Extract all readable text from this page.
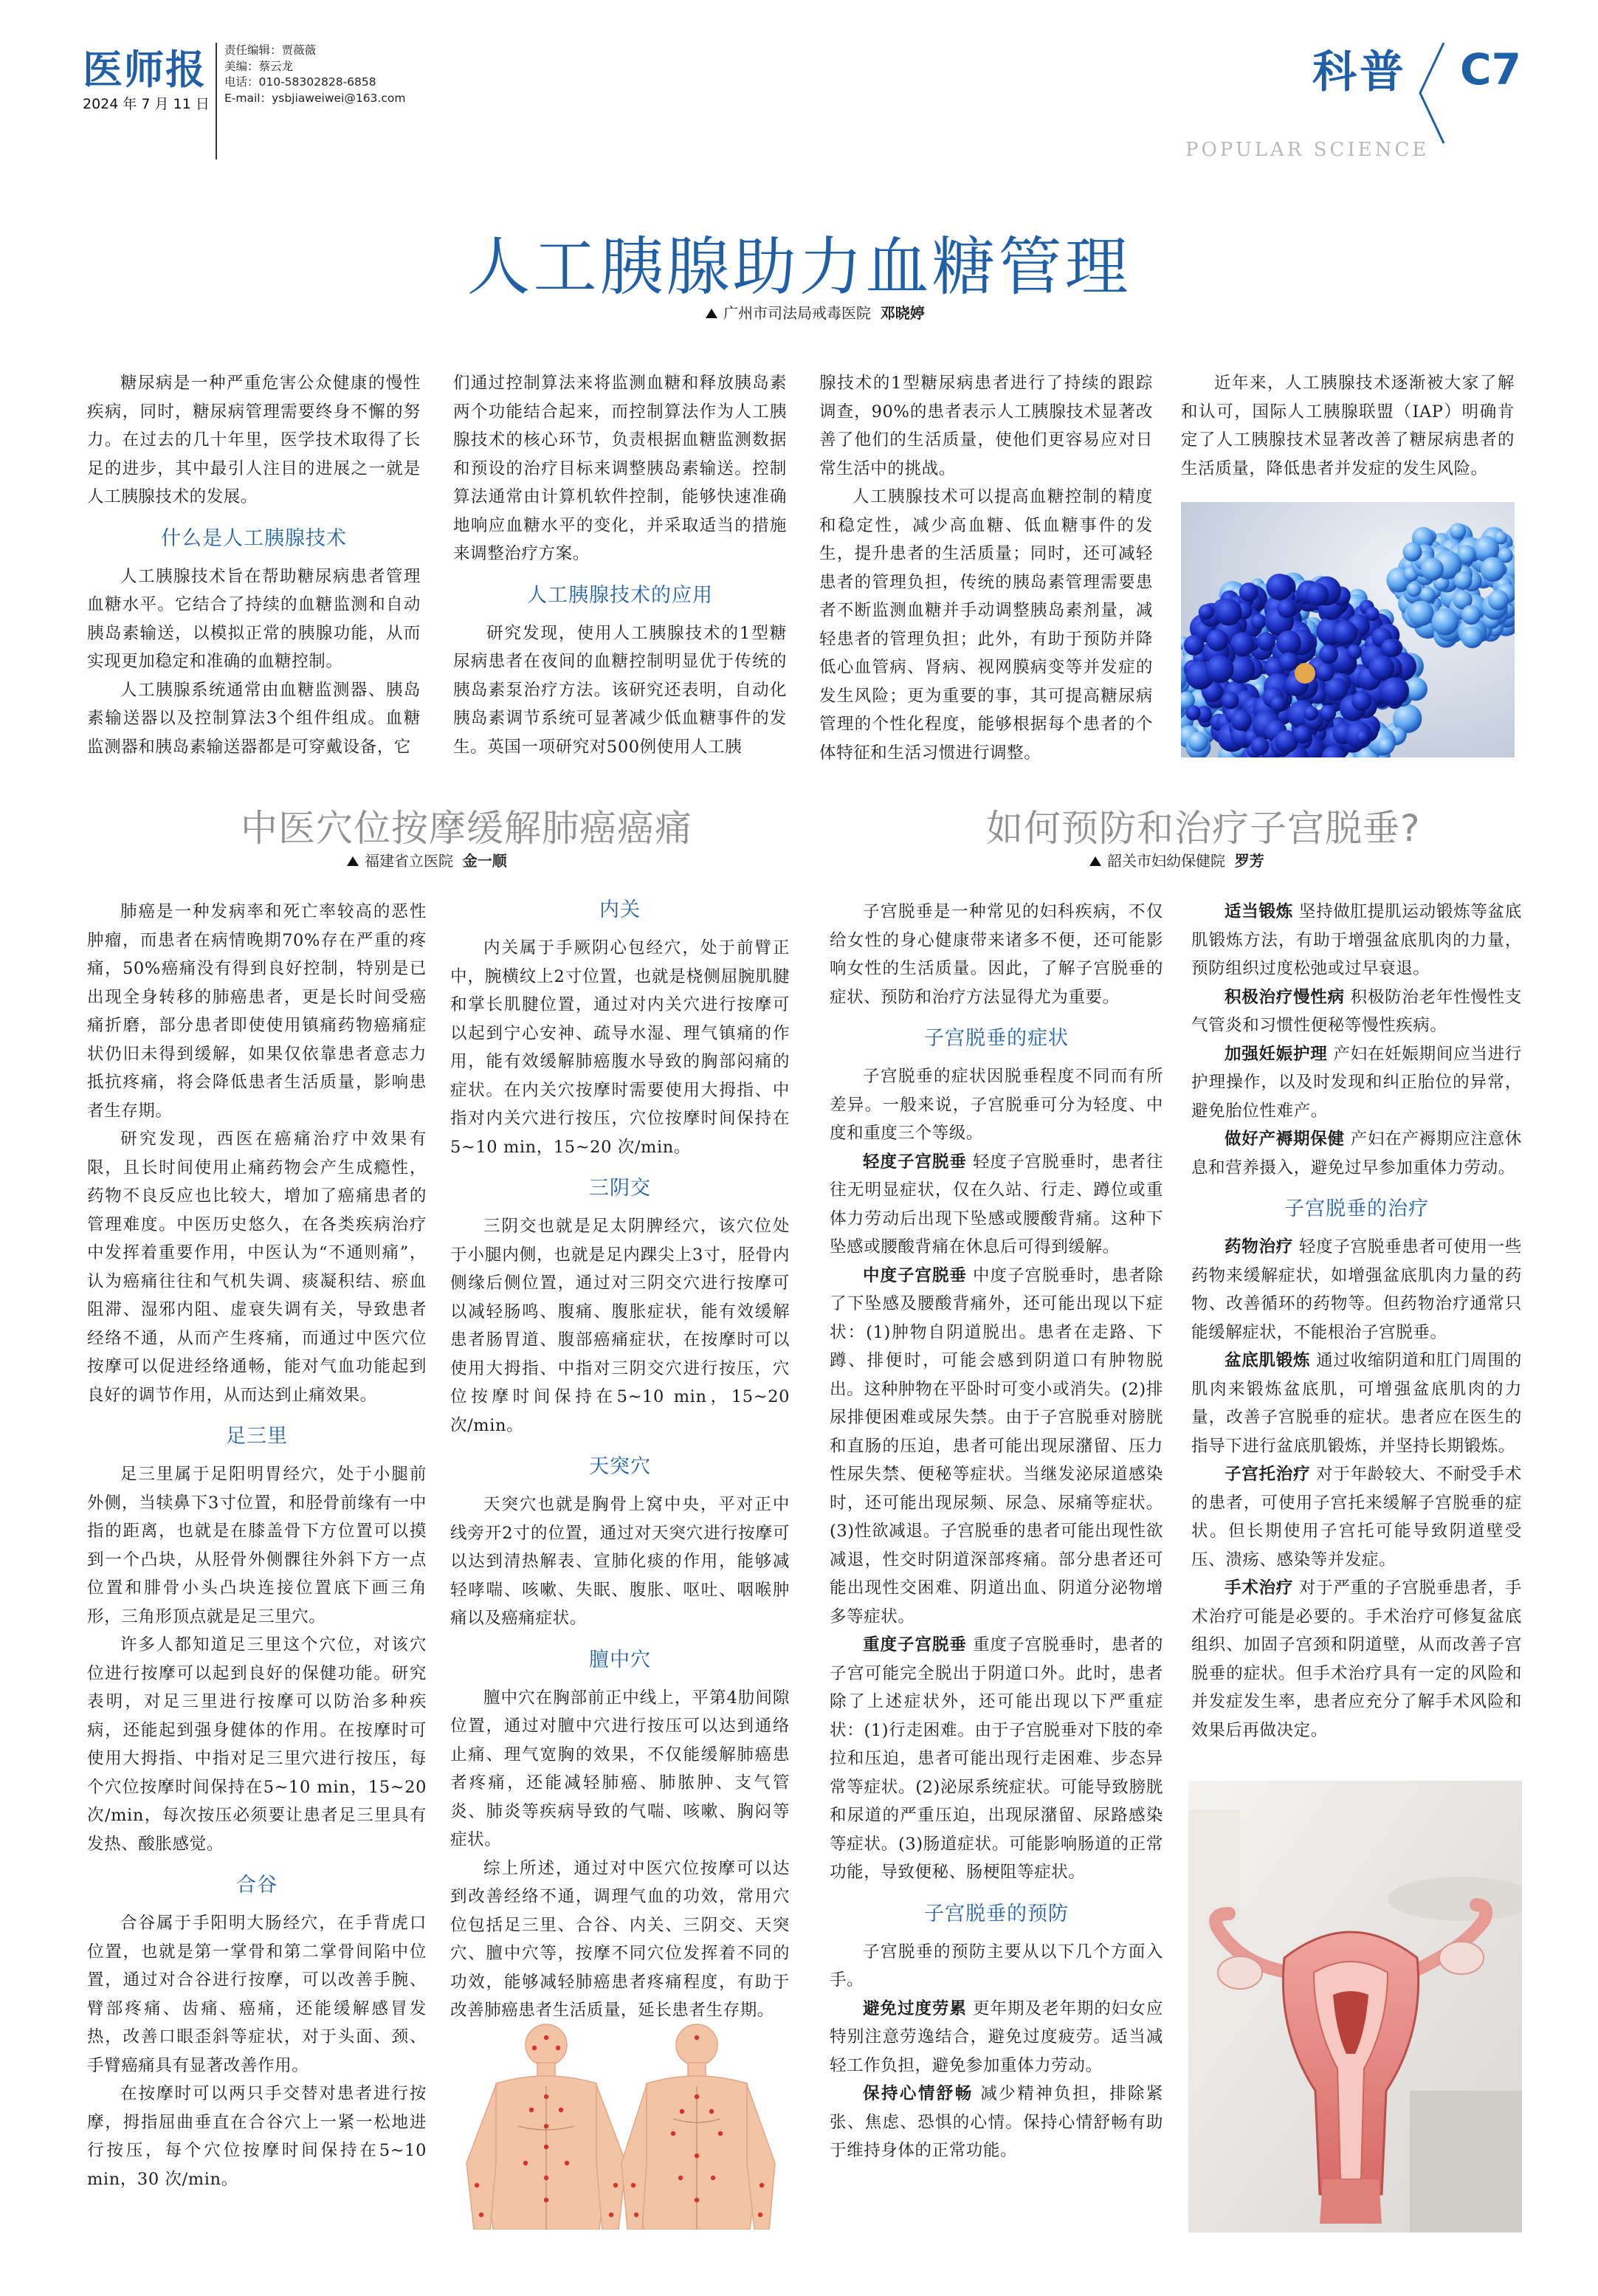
医师报
2024 年 7 月 11 日
责任编辑：贾薇薇
美编：蔡云龙
电话：010-58302828-6858
E-mail：ysbjiaweiwei@163.com	科普 C7
POPULAR SCIENCE
人工胰腺助力血糖管理
广州市司法局戒毒医院 邓晓婷

糖尿病是一种严重危害公众健康的慢性疾病，同时，糖尿病管理需要终身不懈的努力。在过去的几十年里，医学技术取得了长足的进步，其中最引人注目的进展之一就是人工胰腺技术的发展。

什么是人工胰腺技术

人工胰腺技术旨在帮助糖尿病患者管理血糖水平。它结合了持续的血糖监测和自动胰岛素输送，以模拟正常的胰腺功能，从而实现更加稳定和准确的血糖控制。

人工胰腺系统通常由血糖监测器、胰岛素输送器以及控制算法3个组件组成。血糖监测器和胰岛素输送器都是可穿戴设备，它

们通过控制算法来将监测血糖和释放胰岛素两个功能结合起来，而控制算法作为人工胰腺技术的核心环节，负责根据血糖监测数据和预设的治疗目标来调整胰岛素输送。控制算法通常由计算机软件控制，能够快速准确地响应血糖水平的变化，并采取适当的措施来调整治疗方案。

人工胰腺技术的应用

研究发现，使用人工胰腺技术的1型糖尿病患者在夜间的血糖控制明显优于传统的胰岛素泵治疗方法。该研究还表明，自动化胰岛素调节系统可显著减少低血糖事件的发生。英国一项研究对500例使用人工胰

腺技术的1型糖尿病患者进行了持续的跟踪调查，90%的患者表示人工胰腺技术显著改善了他们的生活质量，使他们更容易应对日常生活中的挑战。

人工胰腺技术可以提高血糖控制的精度和稳定性，减少高血糖、低血糖事件的发生，提升患者的生活质量；同时，还可减轻患者的管理负担，传统的胰岛素管理需要患者不断监测血糖并手动调整胰岛素剂量，减轻患者的管理负担；此外，有助于预防并降低心血管病、肾病、视网膜病变等并发症的发生风险；更为重要的事，其可提高糖尿病管理的个性化程度，能够根据每个患者的个体特征和生活习惯进行调整。

近年来，人工胰腺技术逐渐被大家了解和认可，国际人工胰腺联盟（IAP）明确肯定了人工胰腺技术显著改善了糖尿病患者的生活质量，降低患者并发症的发生风险。

中医穴位按摩缓解肺癌癌痛
福建省立医院 金一顺

肺癌是一种发病率和死亡率较高的恶性肿瘤，而患者在病情晚期70%存在严重的疼痛，50%癌痛没有得到良好控制，特别是已出现全身转移的肺癌患者，更是长时间受癌痛折磨，部分患者即使使用镇痛药物癌痛症状仍旧未得到缓解，如果仅依靠患者意志力抵抗疼痛，将会降低患者生活质量，影响患者生存期。

研究发现，西医在癌痛治疗中效果有限，且长时间使用止痛药物会产生成瘾性，药物不良反应也比较大，增加了癌痛患者的管理难度。中医历史悠久，在各类疾病治疗中发挥着重要作用，中医认为“不通则痛”，认为癌痛往往和气机失调、痰凝积结、瘀血阻滞、湿邪内阻、虚衰失调有关，导致患者经络不通，从而产生疼痛，而通过中医穴位按摩可以促进经络通畅，能对气血功能起到良好的调节作用，从而达到止痛效果。

足三里

足三里属于足阳明胃经穴，处于小腿前外侧，当犊鼻下3寸位置，和胫骨前缘有一中指的距离，也就是在膝盖骨下方位置可以摸到一个凸块，从胫骨外侧髁往外斜下方一点位置和腓骨小头凸块连接位置底下画三角形，三角形顶点就是足三里穴。

许多人都知道足三里这个穴位，对该穴位进行按摩可以起到良好的保健功能。研究表明，对足三里进行按摩可以防治多种疾病，还能起到强身健体的作用。在按摩时可使用大拇指、中指对足三里穴进行按压，每个穴位按摩时间保持在5~10 min，15~20 次/min，每次按压必须要让患者足三里具有发热、酸胀感觉。

合谷

合谷属于手阳明大肠经穴，在手背虎口位置，也就是第一掌骨和第二掌骨间陷中位置，通过对合谷进行按摩，可以改善手腕、臂部疼痛、齿痛、癌痛，还能缓解感冒发热，改善口眼歪斜等症状，对于头面、颈、手臂癌痛具有显著改善作用。

在按摩时可以两只手交替对患者进行按摩，拇指屈曲垂直在合谷穴上一紧一松地进行按压，每个穴位按摩时间保持在5~10 min，30 次/min。

内关

内关属于手厥阴心包经穴，处于前臂正中，腕横纹上2寸位置，也就是桡侧屈腕肌腱和掌长肌腱位置，通过对内关穴进行按摩可以起到宁心安神、疏导水湿、理气镇痛的作用，能有效缓解肺癌腹水导致的胸部闷痛的症状。在内关穴按摩时需要使用大拇指、中指对内关穴进行按压，穴位按摩时间保持在5~10 min，15~20 次/min。

三阴交

三阴交也就是足太阴脾经穴，该穴位处于小腿内侧，也就是足内踝尖上3寸，胫骨内侧缘后侧位置，通过对三阴交穴进行按摩可以减轻肠鸣、腹痛、腹胀症状，能有效缓解患者肠胃道、腹部癌痛症状，在按摩时可以使用大拇指、中指对三阴交穴进行按压，穴位按摩时间保持在5~10 min，15~20 次/min。

天突穴

天突穴也就是胸骨上窝中央，平对正中线旁开2寸的位置，通过对天突穴进行按摩可以达到清热解表、宣肺化痰的作用，能够减轻哮喘、咳嗽、失眠、腹胀、呕吐、咽喉肿痛以及癌痛症状。

膻中穴

膻中穴在胸部前正中线上，平第4肋间隙位置，通过对膻中穴进行按压可以达到通络止痛、理气宽胸的效果，不仅能缓解肺癌患者疼痛，还能减轻肺癌、肺脓肿、支气管炎、肺炎等疾病导致的气喘、咳嗽、胸闷等症状。

综上所述，通过对中医穴位按摩可以达到改善经络不通，调理气血的功效，常用穴位包括足三里、合谷、内关、三阴交、天突穴、膻中穴等，按摩不同穴位发挥着不同的功效，能够减轻肺癌患者疼痛程度，有助于改善肺癌患者生活质量，延长患者生存期。

如何预防和治疗子宫脱垂?
韶关市妇幼保健院 罗芳

子宫脱垂是一种常见的妇科疾病，不仅给女性的身心健康带来诸多不便，还可能影响女性的生活质量。因此，了解子宫脱垂的症状、预防和治疗方法显得尤为重要。

子宫脱垂的症状

子宫脱垂的症状因脱垂程度不同而有所差异。一般来说，子宫脱垂可分为轻度、中度和重度三个等级。

轻度子宫脱垂 轻度子宫脱垂时，患者往往无明显症状，仅在久站、行走、蹲位或重体力劳动后出现下坠感或腰酸背痛。这种下坠感或腰酸背痛在休息后可得到缓解。

中度子宫脱垂 中度子宫脱垂时，患者除了下坠感及腰酸背痛外，还可能出现以下症状：(1)肿物自阴道脱出。患者在走路、下蹲、排便时，可能会感到阴道口有肿物脱出。这种肿物在平卧时可变小或消失。(2)排尿排便困难或尿失禁。由于子宫脱垂对膀胱和直肠的压迫，患者可能出现尿潴留、压力性尿失禁、便秘等症状。当继发泌尿道感染时，还可能出现尿频、尿急、尿痛等症状。(3)性欲减退。子宫脱垂的患者可能出现性欲减退，性交时阴道深部疼痛。部分患者还可能出现性交困难、阴道出血、阴道分泌物增多等症状。

重度子宫脱垂 重度子宫脱垂时，患者的子宫可能完全脱出于阴道口外。此时，患者除了上述症状外，还可能出现以下严重症状：(1)行走困难。由于子宫脱垂对下肢的牵拉和压迫，患者可能出现行走困难、步态异常等症状。(2)泌尿系统症状。可能导致膀胱和尿道的严重压迫，出现尿潴留、尿路感染等症状。(3)肠道症状。可能影响肠道的正常功能，导致便秘、肠梗阻等症状。

子宫脱垂的预防

子宫脱垂的预防主要从以下几个方面入手。

避免过度劳累 更年期及老年期的妇女应特别注意劳逸结合，避免过度疲劳。适当减轻工作负担，避免参加重体力劳动。

保持心情舒畅 减少精神负担，排除紧张、焦虑、恐惧的心情。保持心情舒畅有助于维持身体的正常功能。

适当锻炼 坚持做肛提肌运动锻炼等盆底肌锻炼方法，有助于增强盆底肌肉的力量，预防组织过度松弛或过早衰退。

积极治疗慢性病 积极防治老年性慢性支气管炎和习惯性便秘等慢性疾病。

加强妊娠护理 产妇在妊娠期间应当进行护理操作，以及时发现和纠正胎位的异常，避免胎位性难产。

做好产褥期保健 产妇在产褥期应注意休息和营养摄入，避免过早参加重体力劳动。

子宫脱垂的治疗

药物治疗 轻度子宫脱垂患者可使用一些药物来缓解症状，如增强盆底肌肉力量的药物、改善循环的药物等。但药物治疗通常只能缓解症状，不能根治子宫脱垂。

盆底肌锻炼 通过收缩阴道和肛门周围的肌肉来锻炼盆底肌，可增强盆底肌肉的力量，改善子宫脱垂的症状。患者应在医生的指导下进行盆底肌锻炼，并坚持长期锻炼。

子宫托治疗 对于年龄较大、不耐受手术的患者，可使用子宫托来缓解子宫脱垂的症状。但长期使用子宫托可能导致阴道壁受压、溃疡、感染等并发症。

手术治疗 对于严重的子宫脱垂患者，手术治疗可能是必要的。手术治疗可修复盆底组织、加固子宫颈和阴道壁，从而改善子宫脱垂的症状。但手术治疗具有一定的风险和并发症发生率，患者应充分了解手术风险和效果后再做决定。
